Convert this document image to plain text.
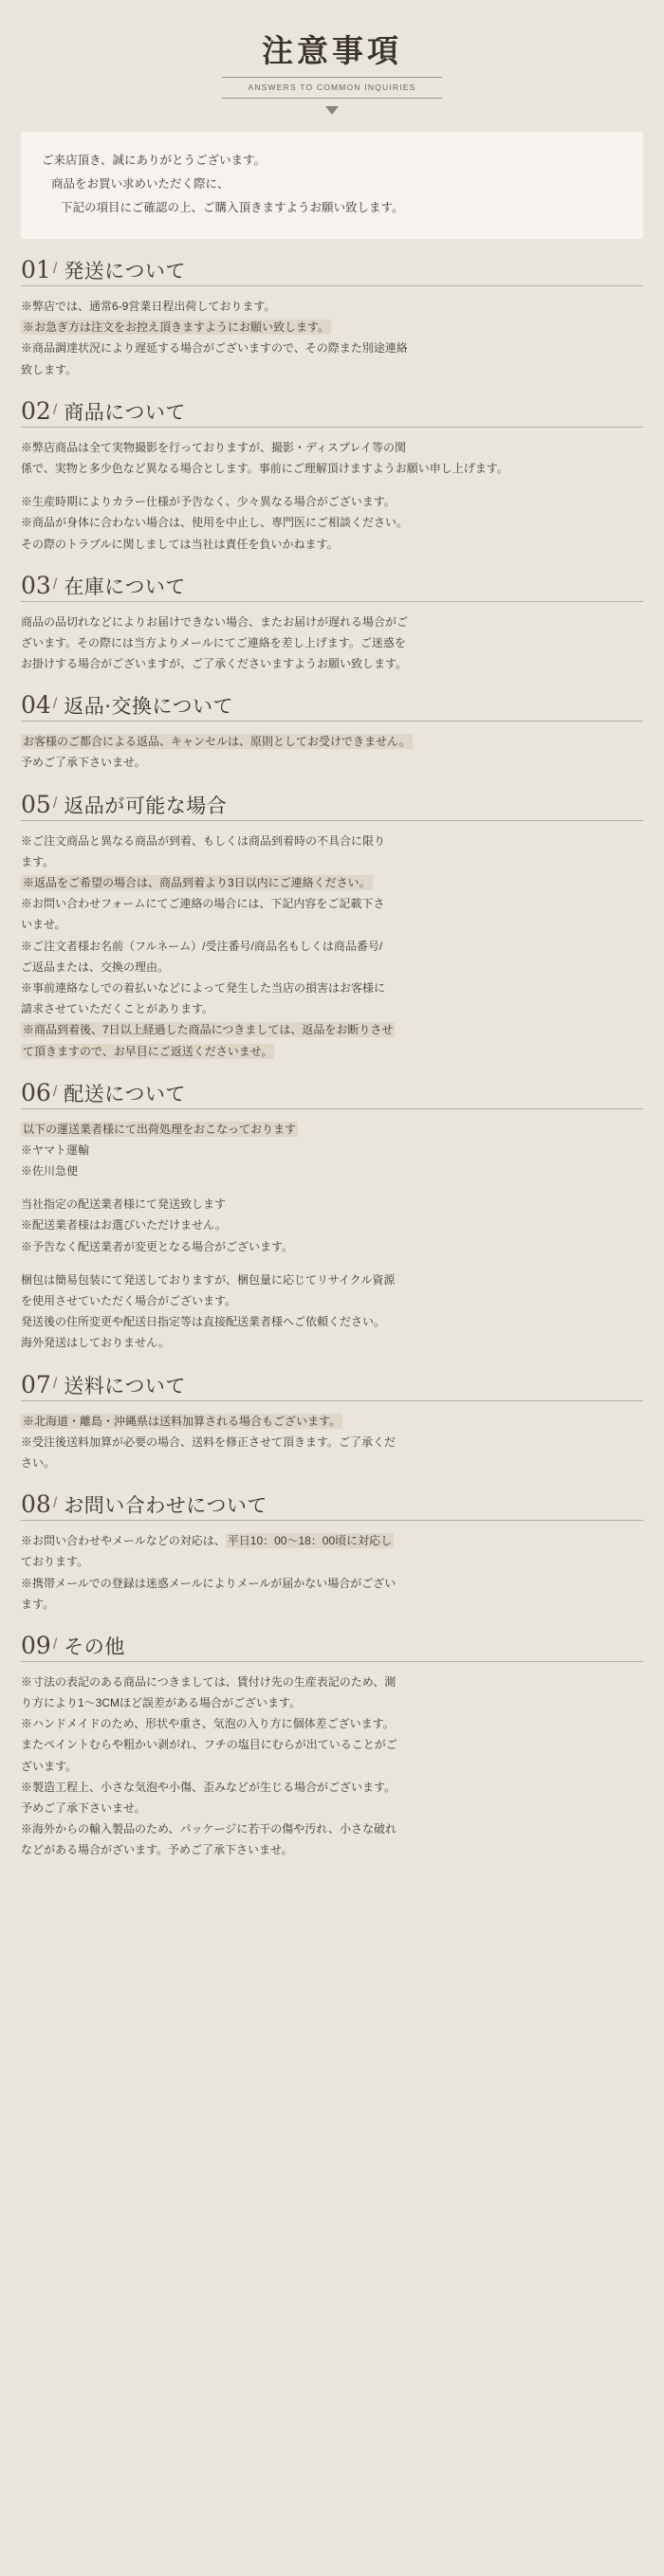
注意事項
ANSWERS TO COMMON INQUIRIES

ご来店頂き、誠にありがとうございます。

商品をお買い求めいただく際に、

下記の項目にご確認の上、ご購入頂きますようお願い致します。

01 / 発送について

※弊店では、通常6-9営業日程出荷しております。

※お急ぎ方は注文をお控え頂きますようにお願い致します。

※商品調達状況により遅延する場合がございますので、その際また別途連絡

致します。

02 / 商品について

※弊店商品は全て実物撮影を行っておりますが、撮影・ディスプレイ等の関

係で、実物と多少色など異なる場合とします。事前にご理解頂けますようお願い申し上げます。

※生産時期によりカラー仕様が予告なく、少々異なる場合がございます。

※商品が身体に合わない場合は、使用を中止し、専門医にご相談ください。

その際のトラブルに関しましては当社は責任を負いかねます。

03 / 在庫について

商品の品切れなどによりお届けできない場合、またお届けが遅れる場合がご

ざいます。その際には当方よりメールにてご連絡を差し上げます。ご迷惑を

お掛けする場合がございますが、ご了承くださいますようお願い致します。

04 / 返品·交換について

お客様のご都合による返品、キャンセルは、原則としてお受けできません。

予めご了承下さいませ。

05 / 返品が可能な場合

※ご注文商品と異なる商品が到着、もしくは商品到着時の不具合に限り

ます。

※返品をご希望の場合は、商品到着より3日以内にご連絡ください。

※お問い合わせフォームにてご連絡の場合には、下記内容をご記載下さ

いませ。

※ご注文者様お名前（フルネーム）/受注番号/商品名もしくは商品番号/

ご返品または、交換の理由。

※事前連絡なしでの着払いなどによって発生した当店の損害はお客様に

請求させていただくことがあります。

※商品到着後、7日以上経過した商品につきましては、返品をお断りさせ

て頂きますので、お早目にご返送くださいませ。

06 / 配送について

以下の運送業者様にて出荷処理をおこなっております

※ヤマト運輸

※佐川急便

当社指定の配送業者様にて発送致します

※配送業者様はお選びいただけません。

※予告なく配送業者が変更となる場合がございます。

梱包は簡易包装にて発送しておりますが、梱包量に応じてリサイクル資源

を使用させていただく場合がございます。

発送後の住所変更や配送日指定等は直接配送業者様へご依頼ください。

海外発送はしておりません。

07 / 送料について

※北海道・離島・沖縄県は送料加算される場合もございます。

※受注後送料加算が必要の場合、送料を修正させて頂きます。ご了承くだ

さい。

08 / お問い合わせについて

※お問い合わせやメールなどの対応は、 平日10：00～18：00頃に対応し

ております。

※携帯メールでの登録は迷惑メールによりメールが届かない場合がござい

ます。

09 / その他

※寸法の表記のある商品につきましては、賃付け先の生産表記のため、測

り方により1～3CMほど誤差がある場合がございます。

※ハンドメイドのため、形状や重さ、気泡の入り方に個体差ございます。

またペイントむらや粗かい剥がれ、フチの塩目にむらが出ていることがご

ざいます。

※製造工程上、小さな気泡や小傷、歪みなどが生じる場合がございます。

予めご了承下さいませ。

※海外からの輸入製品のため、パッケージに若干の傷や汚れ、小さな破れ

などがある場合がざいます。予めご了承下さいませ。
